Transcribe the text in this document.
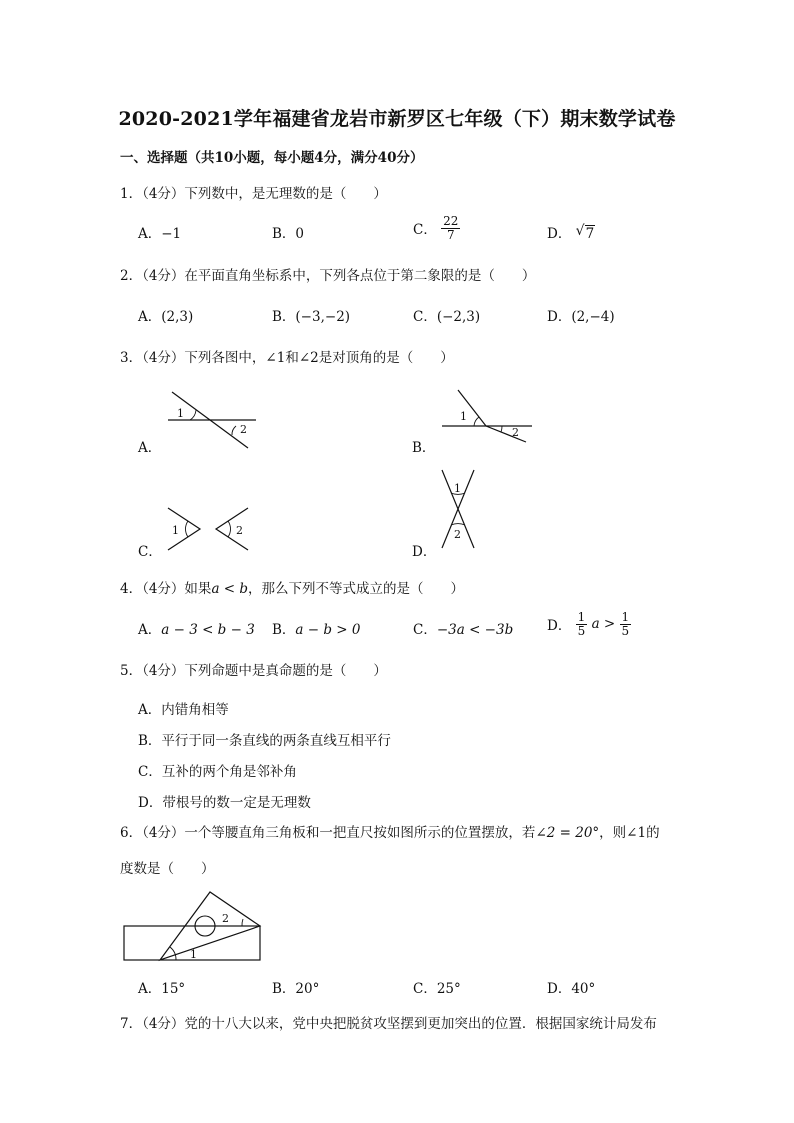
2020-2021学年福建省龙岩市新罗区七年级（下）期末数学试卷
一、选择题（共10小题，每小题4分，满分40分）
1．（4分）下列数中，是无理数的是（　　）
A．−1	B．0	C． $\frac{22}{7}$	D． √ 7
2．（4分）在平面直角坐标系中，下列各点位于第二象限的是（　　）
A．(2,3)	B．(−3,−2)	C．(−2,3)	D．(2,−4)
3．（4分）下列各图中，∠1和∠2是对顶角的是（　　）
1
2
A．
1
2
B．
1	2
C．
1
2
D．
4．（4分）如果a < b，那么下列不等式成立的是（　　）
A．a − 3 < b − 3 B．a − b > 0	C．−3a < −3b	D． $\frac{1}{5}$ $a > \frac{1}{5}$
5．（4分）下列命题中是真命题的是（　　）
A．内错角相等
B．平行于同一条直线的两条直线互相平行
C．互补的两个角是邻补角
D．带根号的数一定是无理数
6．（4分）一个等腰直角三角板和一把直尺按如图所示的位置摆放，若∠2 = 20°，则∠1的
度数是（　　）
1
2
A．15°	B．20°	C．25°	D．40°
7．（4分）党的十八大以来，党中央把脱贫攻坚摆到更加突出的位置．根据国家统计局发布
